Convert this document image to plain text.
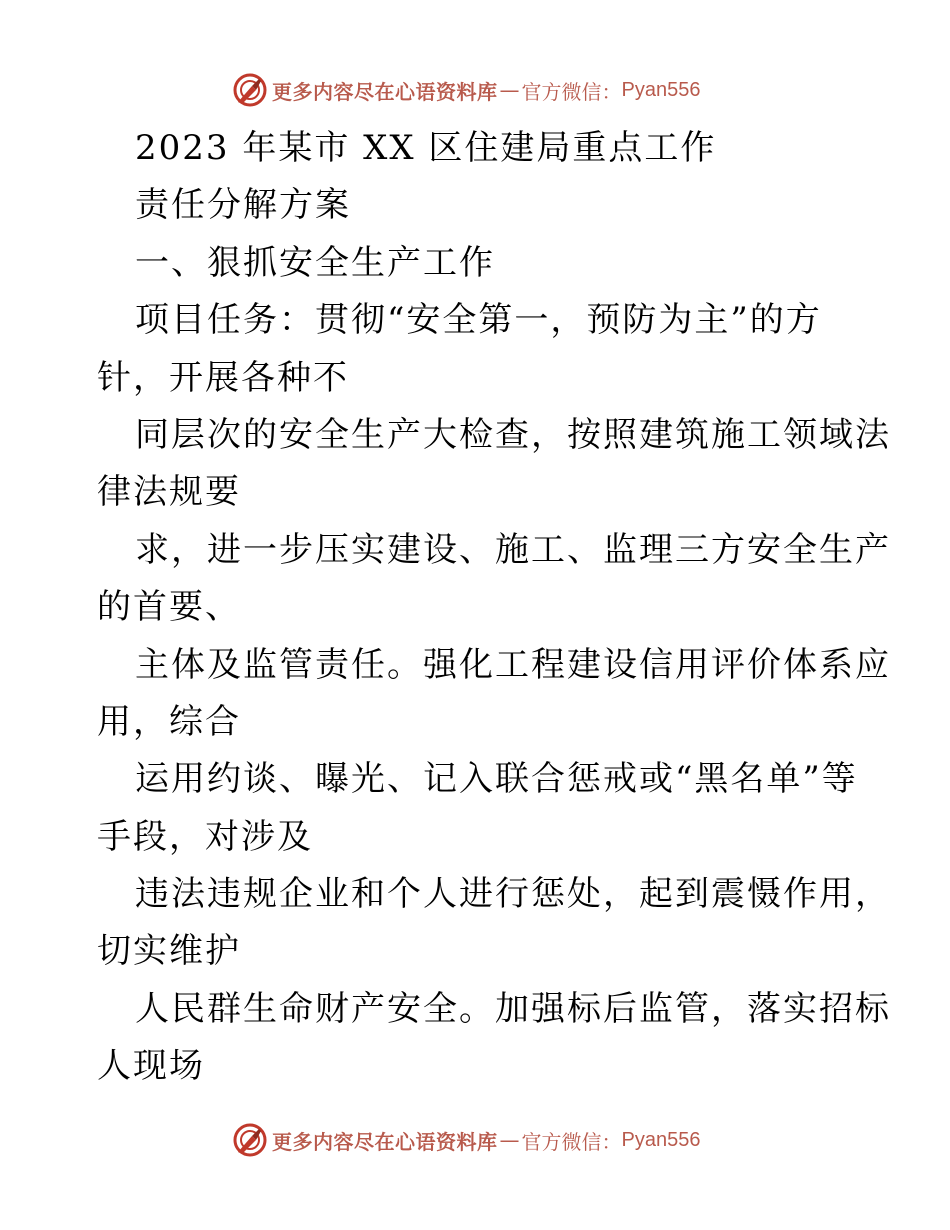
更多内容尽在心语资料库 — 官方微信： Pyan556
2023 年某市 XX 区住建局重点工作
责任分解方案
一、狠抓安全生产工作
项目任务：贯彻“安全第一，预防为主”的方
针，开展各种不
同层次的安全生产大检查，按照建筑施工领域法
律法规要
求，进一步压实建设、施工、监理三方安全生产
的首要、
主体及监管责任。强化工程建设信用评价体系应
用，综合
运用约谈、曝光、记入联合惩戒或“黑名单”等
手段，对涉及
违法违规企业和个人进行惩处，起到震慑作用，
切实维护
人民群生命财产安全。加强标后监管，落实招标
人现场
更多内容尽在心语资料库 — 官方微信： Pyan556
